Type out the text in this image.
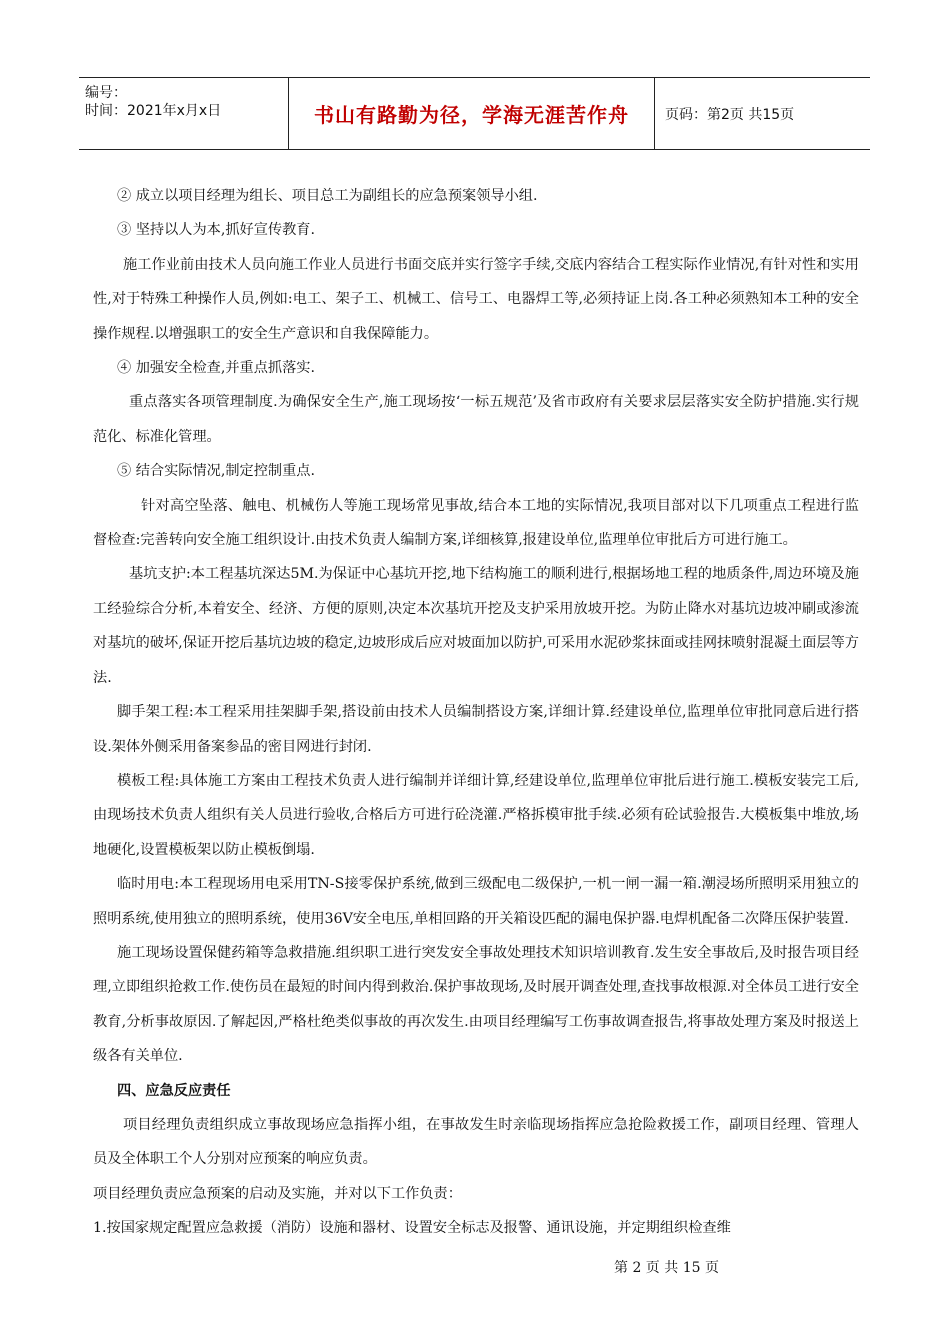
编号：
时间：2021年x月x日	书山有路勤为径，学海无涯苦作舟	页码：第2页 共15页

② 成立以项目经理为组长、项目总工为副组长的应急预案领导小组.

③ 坚持以人为本,抓好宣传教育.

施工作业前由技术人员向施工作业人员进行书面交底并实行签字手续,交底内容结合工程实际作业情况,有针对性和实用性,对于特殊工种操作人员,例如:电工、架子工、机械工、信号工、电器焊工等,必须持证上岗.各工种必须熟知本工种的安全操作规程.以增强职工的安全生产意识和自我保障能力。

④ 加强安全检查,并重点抓落实.

重点落实各项管理制度.为确保安全生产,施工现场按‘一标五规范’及省市政府有关要求层层落实安全防护措施.实行规范化、标准化管理。

⑤ 结合实际情况,制定控制重点.

针对高空坠落、触电、机械伤人等施工现场常见事故,结合本工地的实际情况,我项目部对以下几项重点工程进行监督检查:完善转向安全施工组织设计.由技术负责人编制方案,详细核算,报建设单位,监理单位审批后方可进行施工。

基坑支护:本工程基坑深达5M.为保证中心基坑开挖,地下结构施工的顺利进行,根据场地工程的地质条件,周边环境及施工经验综合分析,本着安全、经济、方便的原则,决定本次基坑开挖及支护采用放坡开挖。为防止降水对基坑边坡冲刷或渗流对基坑的破坏,保证开挖后基坑边坡的稳定,边坡形成后应对坡面加以防护,可采用水泥砂浆抹面或挂网抹喷射混凝土面层等方法.

脚手架工程:本工程采用挂架脚手架,搭设前由技术人员编制搭设方案,详细计算.经建设单位,监理单位审批同意后进行搭设.架体外侧采用备案参品的密目网进行封闭.

模板工程:具体施工方案由工程技术负责人进行编制并详细计算,经建设单位,监理单位审批后进行施工.模板安装完工后,由现场技术负责人组织有关人员进行验收,合格后方可进行砼浇灌.严格拆模审批手续.必须有砼试验报告.大模板集中堆放,场地硬化,设置模板架以防止模板倒塌.

临时用电:本工程现场用电采用TN-S接零保护系统,做到三级配电二级保护,一机一闸一漏一箱.潮浸场所照明采用独立的照明系统,使用独立的照明系统，使用36V安全电压,单相回路的开关箱设匹配的漏电保护器.电焊机配备二次降压保护装置.

施工现场设置保健药箱等急救措施.组织职工进行突发安全事故处理技术知识培训教育.发生安全事故后,及时报告项目经理,立即组织抢救工作.使伤员在最短的时间内得到救治.保护事故现场,及时展开调查处理,查找事故根源.对全体员工进行安全教育,分析事故原因.了解起因,严格杜绝类似事故的再次发生.由项目经理编写工伤事故调查报告,将事故处理方案及时报送上级各有关单位.

四、应急反应责任

项目经理负责组织成立事故现场应急指挥小组，在事故发生时亲临现场指挥应急抢险救援工作，副项目经理、管理人员及全体职工个人分别对应预案的响应负责。

项目经理负责应急预案的启动及实施，并对以下工作负责：

1.按国家规定配置应急救援（消防）设施和器材、设置安全标志及报警、通讯设施，并定期组织检查维

第 2 页 共 15 页
